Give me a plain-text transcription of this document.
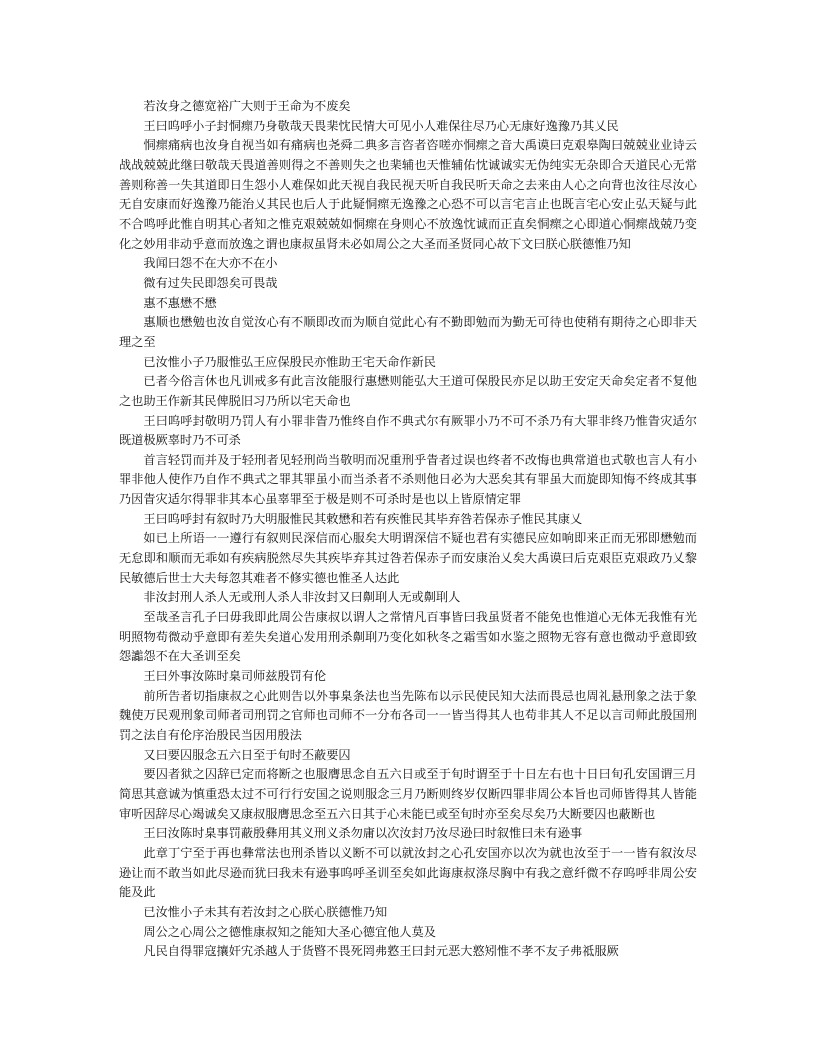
若汝身之德宽裕广大则于王命为不废矣

王曰呜呼小子封恫瘝乃身敬哉天畏棐忱民情大可见小人难保往尽乃心无康好逸豫乃其乂民

恫瘝痛病也汝身自视当如有痛病也尧舜二典多言咨者咨嗟亦恫瘝之音大禹谟曰克艰皋陶曰兢兢业业诗云战战兢兢此继曰敬哉天畏道善则得之不善则失之也棐辅也天惟辅佑忱诚诚实无伪纯实无杂即合天道民心无常善则称善一失其道即日生怨小人难保如此天视自我民视天听自我民听天命之去来由人心之向背也汝往尽汝心无自安康而好逸豫乃能治乂其民也后人于此疑恫瘝无逸豫之心恐不可以言宅言止也既言宅心安止弘天疑与此不合鸣呼此惟自明其心者知之惟克艰兢兢如恫瘝在身则心不放逸忱诚而正直矣恫瘝之心即道心恫瘝战兢乃变化之妙用非动乎意而放逸之谓也康叔虽肾未必如周公之大圣而圣贤同心故下文曰朕心朕德惟乃知

我闻曰怨不在大亦不在小

微有过失民即怨矣可畏哉

惠不惠懋不懋

惠顺也懋勉也汝自觉汝心有不顺即改而为顺自觉此心有不勤即勉而为勤无可待也使稍有期待之心即非天理之至

已汝惟小子乃服惟弘王应保殷民亦惟助王宅天命作新民

已者今俗言休也凡训戒多有此言汝能服行惠懋则能弘大王道可保殷民亦足以助王安定天命矣定者不复他之也助王作新其民俾脱旧习乃所以宅天命也

王曰呜呼封敬明乃罚人有小罪非眚乃惟终自作不典式尔有厥罪小乃不可不杀乃有大罪非终乃惟眚灾适尔既道极厥辜时乃不可杀

首言轻罚而并及于轻刑者见轻刑尚当敬明而况重刑乎眚者过误也终者不改悔也典常道也式敬也言人有小罪非他人使作乃自作不典式之罪其罪虽小而当杀者不杀则他日必为大恶矣其有罪虽大而旋即知悔不终成其事乃因眚灾适尔得罪非其本心虽辜罪至于极是则不可杀时是也以上皆原情定罪

王曰呜呼封有叙时乃大明服惟民其敕懋和若有疾惟民其毕弃咎若保赤子惟民其康乂

如已上所语一一遵行有叙则民深信而心服矣大明谓深信不疑也君有实德民应如响即来正而无邪即懋勉而无怠即和顺而无乖如有疾病脱然尽失其疾毕弃其过咎若保赤子而安康治乂矣大禹谟曰后克艰臣克艰政乃乂黎民敏德后世士大夫每忽其难者不修实德也惟圣人达此

非汝封刑人杀人无或刑人杀人非汝封又曰劓刵人无或劓刵人

至哉圣言孔子曰毋我即此周公告康叔以谓人之常情凡百事皆曰我虽贤者不能免也惟道心无体无我惟有光明照物苟微动乎意即有差失矣道心发用刑杀劓刵乃变化如秋冬之霜雪如水鉴之照物无容有意也微动乎意即致怨讟怨不在大圣训至矣

王曰外事汝陈时臬司师兹殷罚有伦

前所告者切指康叔之心此则告以外事臬条法也当先陈布以示民使民知大法而畏忌也周礼悬刑象之法于象魏使万民观刑象司师者司刑罚之官师也司师不一分布各司一一皆当得其人也苟非其人不足以言司师此殷国刑罚之法自有伦序治殷民当因用殷法

又曰要囚服念五六日至于旬时丕蔽要囚

要囚者狱之囚辞已定而将断之也服膺思念自五六日或至于旬时谓至于十日左右也十日曰旬孔安国谓三月简思其意诚为慎重恐太过不可行行安国之说则服念三月乃断则终岁仅断四罪非周公本旨也司师皆得其人皆能审听因辞尽心竭诚矣又康叔服膺思念至五六日其于心未能已或至旬时亦至矣尽矣乃大断要囚也蔽断也

王曰汝陈时臬事罚蔽殷彝用其义刑义杀勿庸以次汝封乃汝尽逊曰时叙惟曰未有逊事

此章丁宁至于再也彝常法也刑杀皆以义断不可以就汝封之心孔安国亦以次为就也汝至于一一皆有叙汝尽逊让而不敢当如此尽逊而犹曰我未有逊事呜呼圣训至矣如此诲康叔涤尽胸中有我之意纤微不存呜呼非周公安能及此

已汝惟小子未其有若汝封之心朕心朕德惟乃知

周公之心周公之德惟康叔知之能知大圣心德宜他人莫及

凡民自得罪寇攘奸宄杀越人于货暋不畏死罔弗憝王曰封元恶大憝矧惟不孝不友子弗祗服厥
